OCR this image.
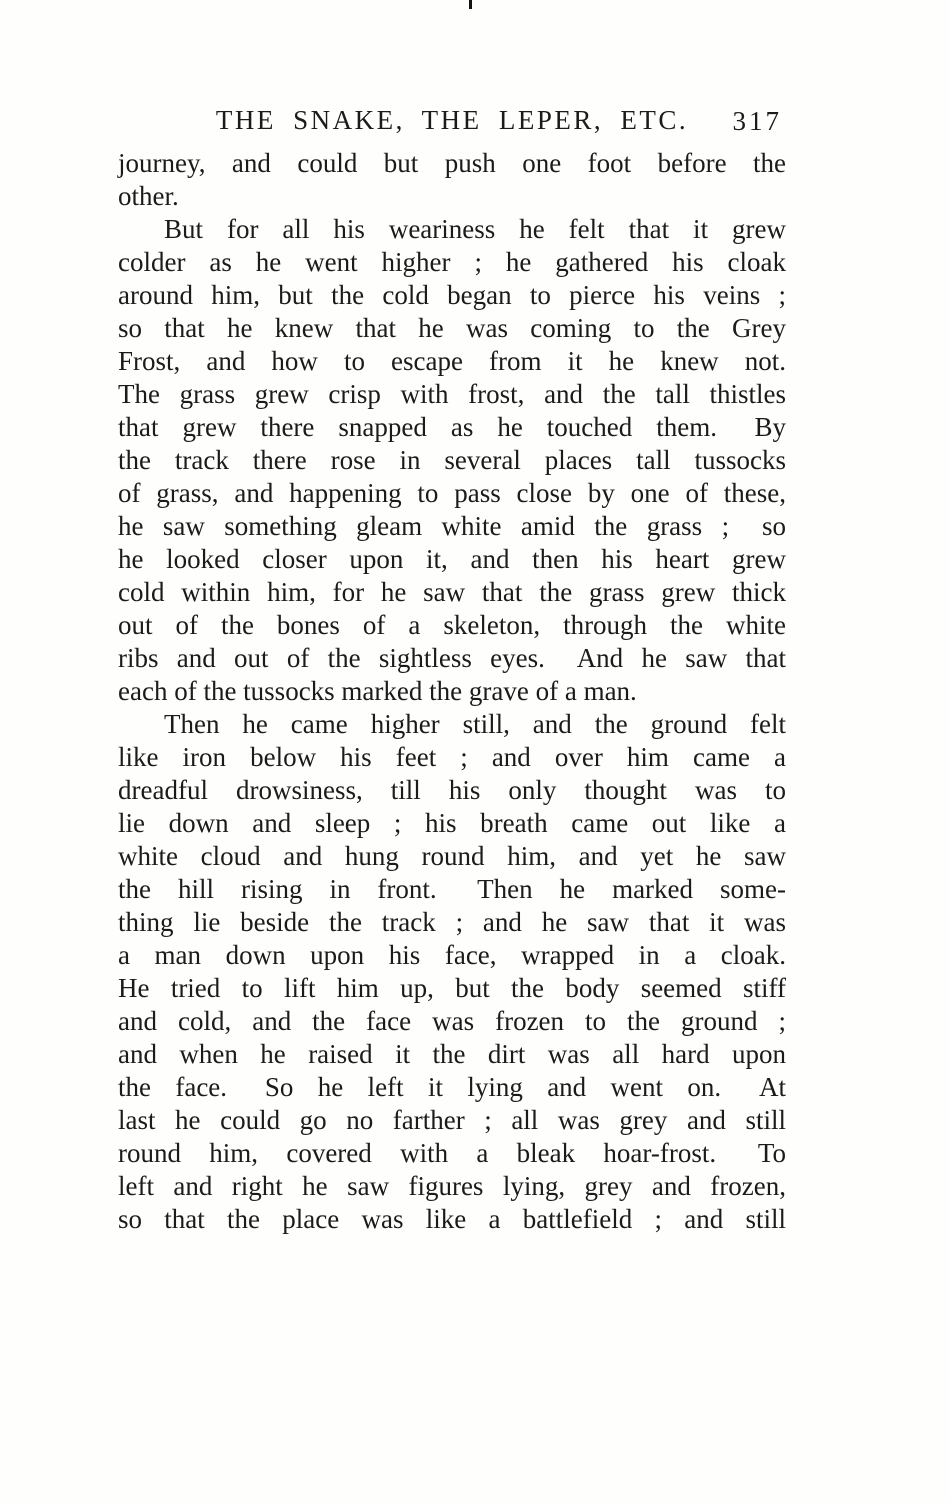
THE SNAKE, THE LEPER, ETC.	317
journey, and could but push one foot before the
other.
But for all his weariness he felt that it grew
colder as he went higher ; he gathered his cloak
around him, but the cold began to pierce his veins ;
so that he knew that he was coming to the Grey
Frost, and how to escape from it he knew not.
The grass grew crisp with frost, and the tall thistles
that grew there snapped as he touched them.  By
the track there rose in several places tall tussocks
of grass, and happening to pass close by one of these,
he saw something gleam white amid the grass ;  so
he looked closer upon it, and then his heart grew
cold within him, for he saw that the grass grew thick
out of the bones of a skeleton, through the white
ribs and out of the sightless eyes.  And he saw that
each of the tussocks marked the grave of a man.
Then he came higher still, and the ground felt
like iron below his feet ; and over him came a
dreadful drowsiness, till his only thought was to
lie down and sleep ; his breath came out like a
white cloud and hung round him, and yet he saw
the hill rising in front.  Then he marked some-
thing lie beside the track ; and he saw that it was
a man down upon his face, wrapped in a cloak.
He tried to lift him up, but the body seemed stiff
and cold, and the face was frozen to the ground ;
and when he raised it the dirt was all hard upon
the face.  So he left it lying and went on.  At
last he could go no farther ; all was grey and still
round him, covered with a bleak hoar-frost.  To
left and right he saw figures lying, grey and frozen,
so that the place was like a battlefield ; and still
